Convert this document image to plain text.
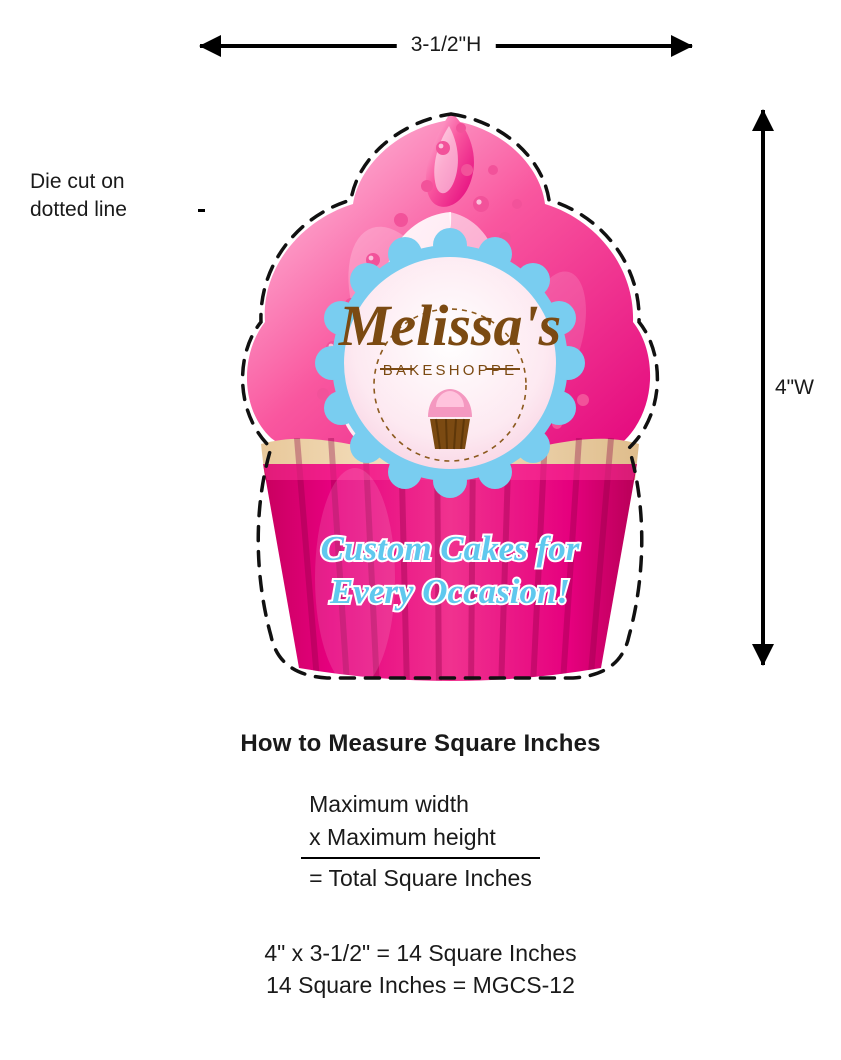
3-1/2"H
4"W
Die cut on
dotted line
Custom Cakes for
Every Occasion!
Melissa's
BAKESHOPPE
How to Measure Square Inches
Maximum width
x Maximum height
= Total Square Inches
4" x 3-1/2" = 14 Square Inches
14 Square Inches = MGCS-12
